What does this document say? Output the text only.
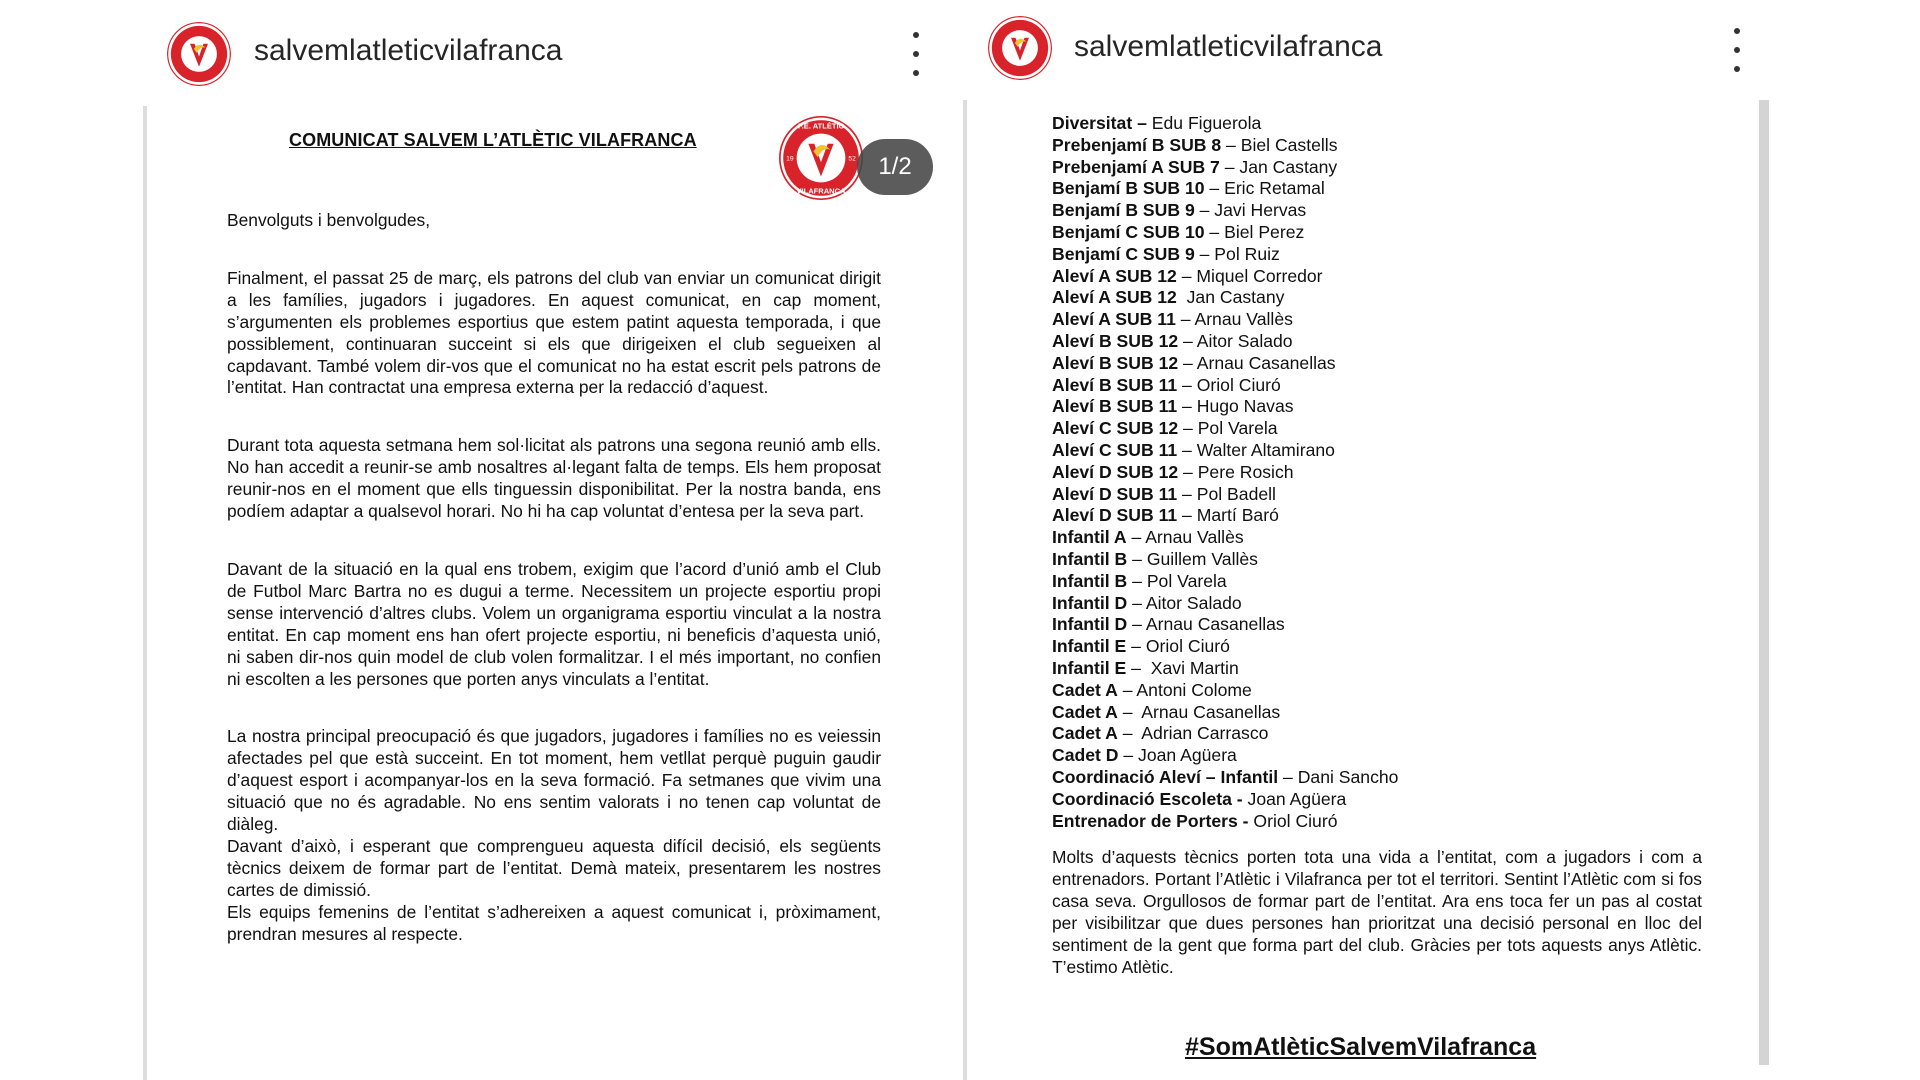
salvemlatleticvilafranca
COMUNICAT SALVEM L’ATLÈTIC VILAFRANCA
F.E. ATLÈTIC
VILAFRANCA
19	52 1/2

Benvolguts i benvolgudes,

Finalment, el passat 25 de març, els patrons del club van enviar un comunicat dirigit a les famílies, jugadors i jugadores. En aquest comunicat, en cap moment, s’argumenten els problemes esportius que estem patint aquesta temporada, i que possiblement, continuaran succeint si els que dirigeixen el club segueixen al capdavant. També volem dir-vos que el comunicat no ha estat escrit pels patrons de l’entitat. Han contractat una empresa externa per la redacció d’aquest.

Durant tota aquesta setmana hem sol·licitat als patrons una segona reunió amb ells. No han accedit a reunir-se amb nosaltres al·legant falta de temps. Els hem proposat reunir-nos en el moment que ells tinguessin disponibilitat. Per la nostra banda, ens podíem adaptar a qualsevol horari. No hi ha cap voluntat d’entesa per la seva part.

Davant de la situació en la qual ens trobem, exigim que l’acord d’unió amb el Club de Futbol Marc Bartra no es dugui a terme. Necessitem un projecte esportiu propi sense intervenció d’altres clubs. Volem un organigrama esportiu vinculat a la nostra entitat. En cap moment ens han ofert projecte esportiu, ni beneficis d’aquesta unió, ni saben dir-nos quin model de club volen formalitzar. I el més important, no confien ni escolten a les persones que porten anys vinculats a l’entitat.

La nostra principal preocupació és que jugadors, jugadores i famílies no es veiessin afectades pel que està succeint. En tot moment, hem vetllat perquè puguin gaudir d’aquest esport i acompanyar-los en la seva formació. Fa setmanes que vivim una situació que no és agradable. No ens sentim valorats i no tenen cap voluntat de diàleg.

Davant d’això, i esperant que comprengueu aquesta difícil decisió, els següents tècnics deixem de formar part de l’entitat. Demà mateix, presentarem les nostres cartes de dimissió.

Els equips femenins de l’entitat s’adhereixen a aquest comunicat i, pròximament, prendran mesures al respecte.

salvemlatleticvilafranca
Diversitat – Edu Figuerola
Prebenjamí B SUB 8 – Biel Castells
Prebenjamí A SUB 7 – Jan Castany
Benjamí B SUB 10 – Eric Retamal
Benjamí B SUB 9 – Javi Hervas
Benjamí C SUB 10 – Biel Perez
Benjamí C SUB 9 – Pol Ruiz
Aleví A SUB 12 – Miquel Corredor
Aleví A SUB 12  Jan Castany
Aleví A SUB 11 – Arnau Vallès
Aleví B SUB 12 – Aitor Salado
Aleví B SUB 12 – Arnau Casanellas
Aleví B SUB 11 – Oriol Ciuró
Aleví B SUB 11 – Hugo Navas
Aleví C SUB 12 – Pol Varela
Aleví C SUB 11 – Walter Altamirano
Aleví D SUB 12 – Pere Rosich
Aleví D SUB 11 – Pol Badell
Aleví D SUB 11 – Martí Baró
Infantil A – Arnau Vallès
Infantil B – Guillem Vallès
Infantil B – Pol Varela
Infantil D – Aitor Salado
Infantil D – Arnau Casanellas
Infantil E – Oriol Ciuró
Infantil E –  Xavi Martin
Cadet A – Antoni Colome
Cadet A –  Arnau Casanellas
Cadet A –  Adrian Carrasco
Cadet D – Joan Agüera
Coordinació Aleví – Infantil – Dani Sancho
Coordinació Escoleta - Joan Agüera
Entrenador de Porters - Oriol Ciuró
Molts d’aquests tècnics porten tota una vida a l’entitat, com a jugadors i com a entrenadors. Portant l’Atlètic i Vilafranca per tot el territori. Sentint l’Atlètic com si fos casa seva. Orgullosos de formar part de l’entitat. Ara ens toca fer un pas al costat per visibilitzar que dues persones han prioritzat una decisió personal en lloc del sentiment de la gent que forma part del club. Gràcies per tots aquests anys Atlètic. T’estimo Atlètic.
#SomAtlèticSalvemVilafranca
